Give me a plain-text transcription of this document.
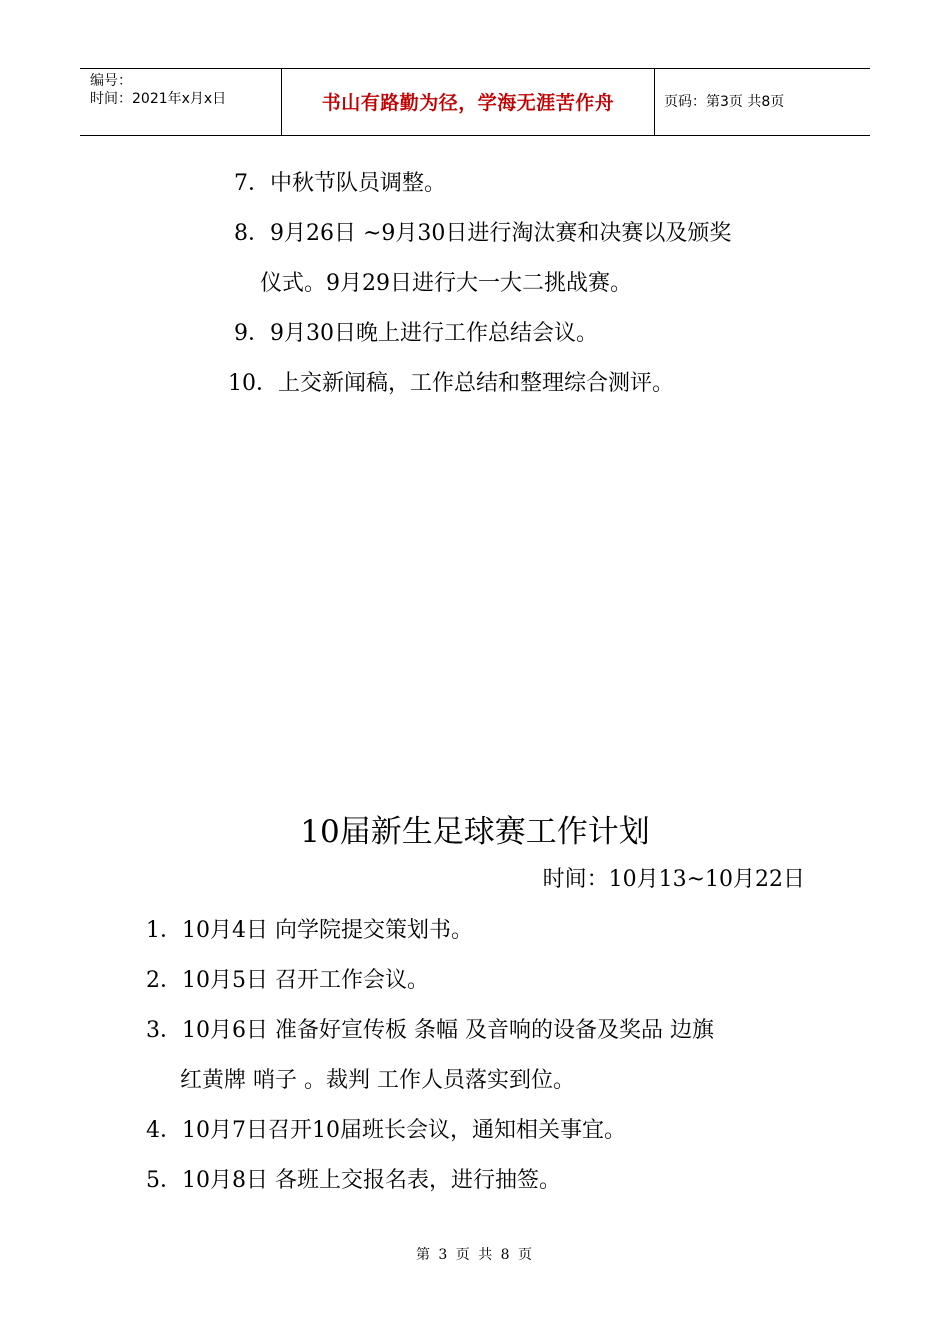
编号：
时间：2021年x月x日	书山有路勤为径，学海无涯苦作舟	页码：第3页 共8页
7．中秋节队员调整。
8．9月26日 ~9月30日进行淘汰赛和决赛以及颁奖
仪式。9月29日进行大一大二挑战赛。
9．9月30日晚上进行工作总结会议。
10．上交新闻稿，工作总结和整理综合测评。
10届新生足球赛工作计划
时间：10月13~10月22日
1．10月4日 向学院提交策划书。
2．10月5日 召开工作会议。
3．10月6日 准备好宣传板 条幅 及音响的设备及奖品 边旗
红黄牌 哨子 。裁判 工作人员落实到位。
4．10月7日召开10届班长会议，通知相关事宜。
5．10月8日 各班上交报名表，进行抽签。
第 3 页 共 8 页
